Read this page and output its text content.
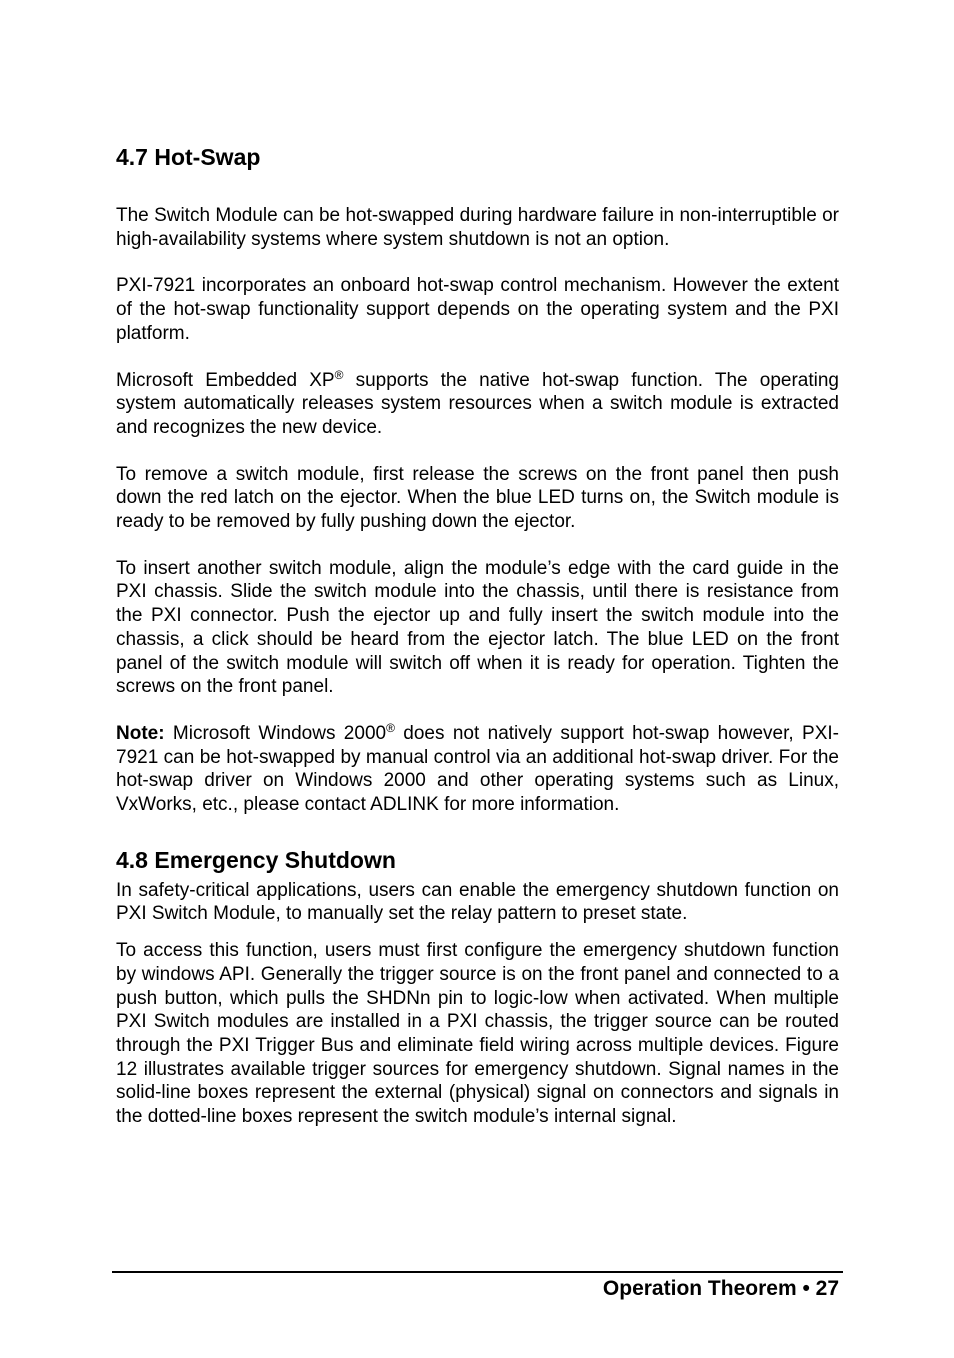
4.7 Hot-Swap

The Switch Module can be hot-swapped during hardware failure in non-interruptible or high-availability systems where system shutdown is not an option.

PXI-7921 incorporates an onboard hot-swap control mechanism. However the extent of the hot-swap functionality support depends on the operating system and the PXI platform.

Microsoft Embedded XP® supports the native hot-swap function. The operating system automatically releases system resources when a switch module is extracted and recognizes the new device.

To remove a switch module, first release the screws on the front panel then push down the red latch on the ejector. When the blue LED turns on, the Switch module is ready to be removed by fully pushing down the ejector.

To insert another switch module, align the module’s edge with the card guide in the PXI chassis. Slide the switch module into the chassis, until there is resistance from the PXI connector. Push the ejector up and fully insert the switch module into the chassis, a click should be heard from the ejector latch. The blue LED on the front panel of the switch module will switch off when it is ready for operation. Tighten the screws on the front panel.

Note: Microsoft Windows 2000® does not natively support hot-swap however, PXI-7921 can be hot-swapped by manual control via an additional hot-swap driver. For the hot-swap driver on Windows 2000 and other operating systems such as Linux, VxWorks, etc., please contact ADLINK for more information.

4.8 Emergency Shutdown

In safety-critical applications, users can enable the emergency shutdown function on PXI Switch Module, to manually set the relay pattern to preset state.

To access this function, users must first configure the emergency shutdown function by windows API. Generally the trigger source is on the front panel and connected to a push button, which pulls the SHDNn pin to logic-low when activated. When multiple PXI Switch modules are installed in a PXI chassis, the trigger source can be routed through the PXI Trigger Bus and eliminate field wiring across multiple devices. Figure 12 illustrates available trigger sources for emergency shutdown. Signal names in the solid-line boxes represent the external (physical) signal on connectors and signals in the dotted-line boxes represent the switch module’s internal signal.

Operation Theorem • 27
